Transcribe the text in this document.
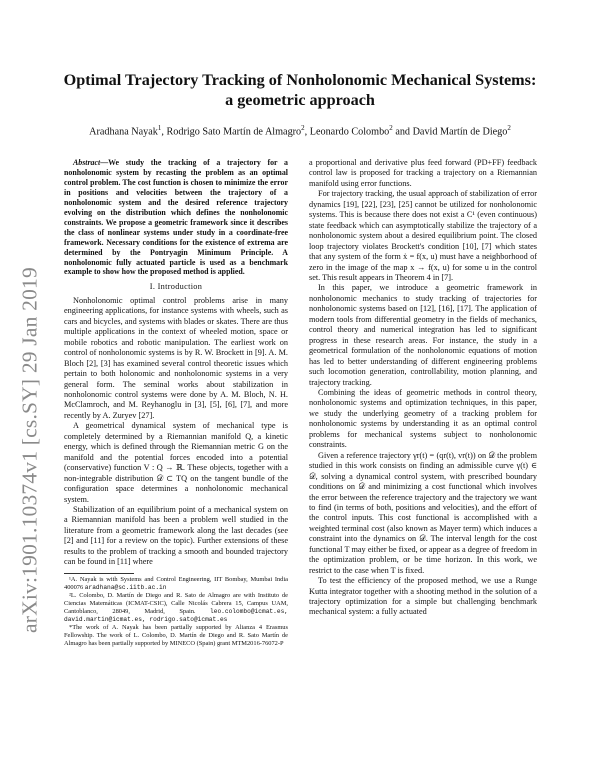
arXiv:1901.10374v1 [cs.SY] 29 Jan 2019
Optimal Trajectory Tracking of Nonholonomic Mechanical Systems: a geometric approach
Aradhana Nayak$^1$, Rodrigo Sato Martín de Almagro$^2$, Leonardo Colombo$^2$ and David Martín de Diego$^2$

Abstract—We study the tracking of a trajectory for a nonholonomic system by recasting the problem as an optimal control problem. The cost function is chosen to minimize the error in positions and velocities between the trajectory of a nonholonomic system and the desired reference trajectory evolving on the distribution which defines the nonholonomic constraints. We propose a geometric framework since it describes the class of nonlinear systems under study in a coordinate-free framework. Necessary conditions for the existence of extrema are determined by the Pontryagin Minimum Principle. A nonholonomic fully actuated particle is used as a benchmark example to show how the proposed method is applied.

I. Introduction

Nonholonomic optimal control problems arise in many engineering applications, for instance systems with wheels, such as cars and bicycles, and systems with blades or skates. There are thus multiple applications in the context of wheeled motion, space or mobile robotics and robotic manipulation. The earliest work on control of nonholonomic systems is by R. W. Brockett in [9]. A. M. Bloch [2], [3] has examined several control theoretic issues which pertain to both holonomic and nonholonomic systems in a very general form. The seminal works about stabilization in nonholonomic control systems were done by A. M. Bloch, N. H. McClamroch, and M. Reyhanoglu in [3], [5], [6], [7], and more recently by A. Zuryev [27].

A geometrical dynamical system of mechanical type is completely determined by a Riemannian manifold Q, a kinetic energy, which is defined through the Riemannian metric G on the manifold and the potential forces encoded into a potential (conservative) function V : Q → ℝ. These objects, together with a non-integrable distribution 𝒟 ⊂ TQ on the tangent bundle of the configuration space determines a nonholonomic mechanical system.

Stabilization of an equilibrium point of a mechanical system on a Riemannian manifold has been a problem well studied in the literature from a geometric framework along the last decades (see [2] and [11] for a review on the topic). Further extensions of these results to the problem of tracking a smooth and bounded trajectory can be found in [11] where

¹A. Nayak is with Systems and Control Engineering, IIT Bombay, Mumbai India 400076 aradhana@sc.iitb.ac.in

²L. Colombo, D. Martín de Diego and R. Sato de Almagro are with Instituto de Ciencias Matemáticas (ICMAT-CSIC), Calle Nicolás Cabrera 15, Campus UAM, Cantoblanco, 28049, Madrid, Spain. leo.colombo@icmat.es, david.martin@icmat.es, rodrigo.sato@icmat.es

*The work of A. Nayak has been partially supported by Alianza 4 Erasmus Fellowship. The work of L. Colombo, D. Martín de Diego and R. Sato Martín de Almagro has been partially supported by MINECO (Spain) grant MTM2016-76072-P

a proportional and derivative plus feed forward (PD+FF) feedback control law is proposed for tracking a trajectory on a Riemannian manifold using error functions.

For trajectory tracking, the usual approach of stabilization of error dynamics [19], [22], [23], [25] cannot be utilized for nonholonomic systems. This is because there does not exist a C¹ (even continuous) state feedback which can asymptotically stabilize the trajectory of a nonholonomic system about a desired equilibrium point. The closed loop trajectory violates Brockett's condition [10], [7] which states that any system of the form ẋ = f(x, u) must have a neighborhood of zero in the image of the map x → f(x, u) for some u in the control set. This result appears in Theorem 4 in [7].

In this paper, we introduce a geometric framework in nonholonomic mechanics to study tracking of trajectories for nonholonomic systems based on [12], [16], [17]. The application of modern tools from differential geometry in the fields of mechanics, control theory and numerical integration has led to significant progress in these research areas. For instance, the study in a geometrical formulation of the nonholonomic equations of motion has led to better understanding of different engineering problems such locomotion generation, controllability, motion planning, and trajectory tracking.

Combining the ideas of geometric methods in control theory, nonholonomic systems and optimization techniques, in this paper, we study the underlying geometry of a tracking problem for nonholonomic systems by understanding it as an optimal control problems for mechanical systems subject to nonholonomic constraints.

Given a reference trajectory γr(t) = (qr(t), vr(t)) on 𝒟 the problem studied in this work consists on finding an admissible curve γ(t) ∈ 𝒟, solving a dynamical control system, with prescribed boundary conditions on 𝒟 and minimizing a cost functional which involves the error between the reference trajectory and the trajectory we want to find (in terms of both, positions and velocities), and the effort of the control inputs. This cost functional is accomplished with a weighted terminal cost (also known as Mayer term) which induces a constraint into the dynamics on 𝒟. The interval length for the cost functional T may either be fixed, or appear as a degree of freedom in the optimization problem, or be time horizon. In this work, we restrict to the case when T is fixed.

To test the efficiency of the proposed method, we use a Runge Kutta integrator together with a shooting method in the solution of a trajectory optimization for a simple but challenging benchmark mechanical system: a fully actuated
